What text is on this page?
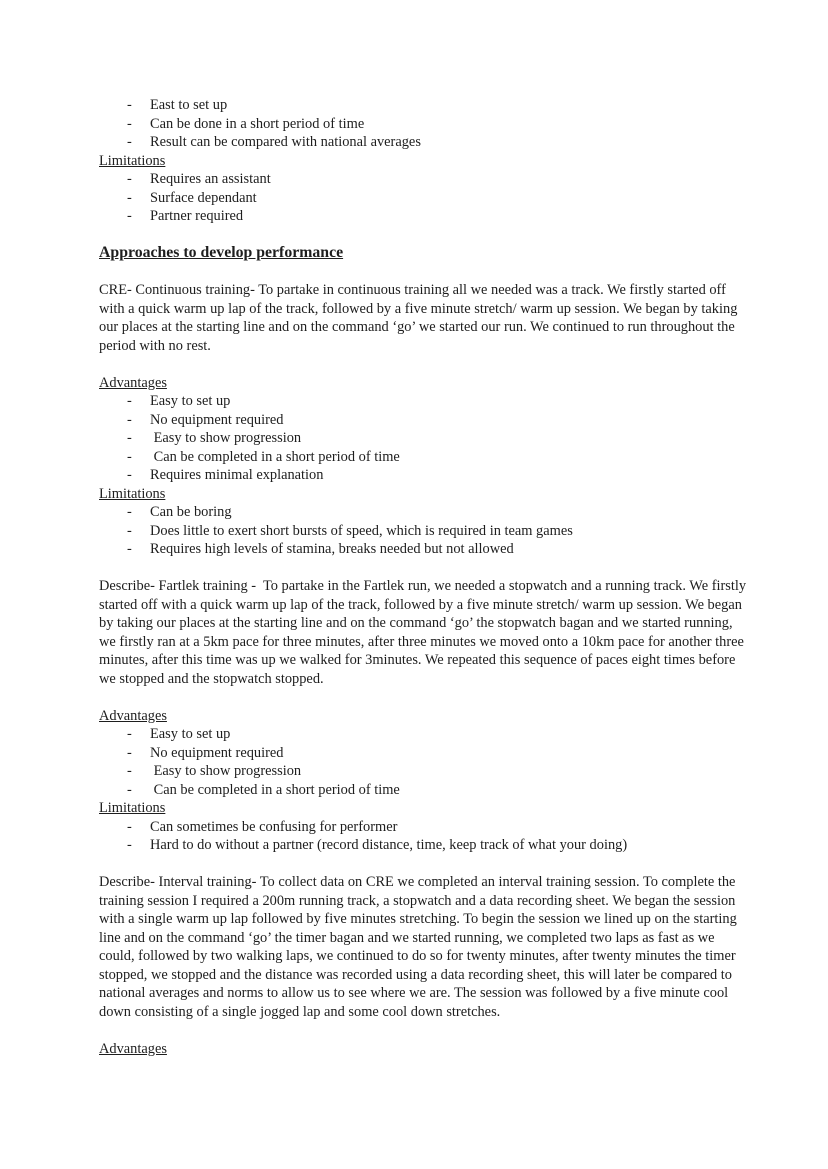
-	East to set up
-	Can be done in a short period of time
-	Result can be compared with national averages
Limitations
-	Requires an assistant
-	Surface dependant
-	Partner required
Approaches to develop performance

CRE- Continuous training- To partake in continuous training all we needed was a track. We firstly started off with a quick warm up lap of the track, followed by a five minute stretch/ warm up session. We began by taking our places at the starting line and on the command ‘go’ we started our run. We continued to run throughout the period with no rest.

Advantages
-	Easy to set up
-	No equipment required
-	Easy to show progression
-	Can be completed in a short period of time
-	Requires minimal explanation
Limitations
-	Can be boring
-	Does little to exert short bursts of speed, which is required in team games
-	Requires high levels of stamina, breaks needed but not allowed

Describe- Fartlek training -  To partake in the Fartlek run, we needed a stopwatch and a running track. We firstly started off with a quick warm up lap of the track, followed by a five minute stretch/ warm up session. We began by taking our places at the starting line and on the command ‘go’ the stopwatch bagan and we started running, we firstly ran at a 5km pace for three minutes, after three minutes we moved onto a 10km pace for another three minutes, after this time was up we walked for 3minutes. We repeated this sequence of paces eight times before we stopped and the stopwatch stopped.

Advantages
-	Easy to set up
-	No equipment required
-	Easy to show progression
-	Can be completed in a short period of time
Limitations
-	Can sometimes be confusing for performer
-	Hard to do without a partner (record distance, time, keep track of what your doing)

Describe- Interval training- To collect data on CRE we completed an interval training session. To complete the training session I required a 200m running track, a stopwatch and a data recording sheet. We began the session with a single warm up lap followed by five minutes stretching. To begin the session we lined up on the starting line and on the command ‘go’ the timer bagan and we started running, we completed two laps as fast as we could, followed by two walking laps, we continued to do so for twenty minutes, after twenty minutes the timer stopped, we stopped and the distance was recorded using a data recording sheet, this will later be compared to national averages and norms to allow us to see where we are. The session was followed by a five minute cool down consisting of a single jogged lap and some cool down stretches.

Advantages
